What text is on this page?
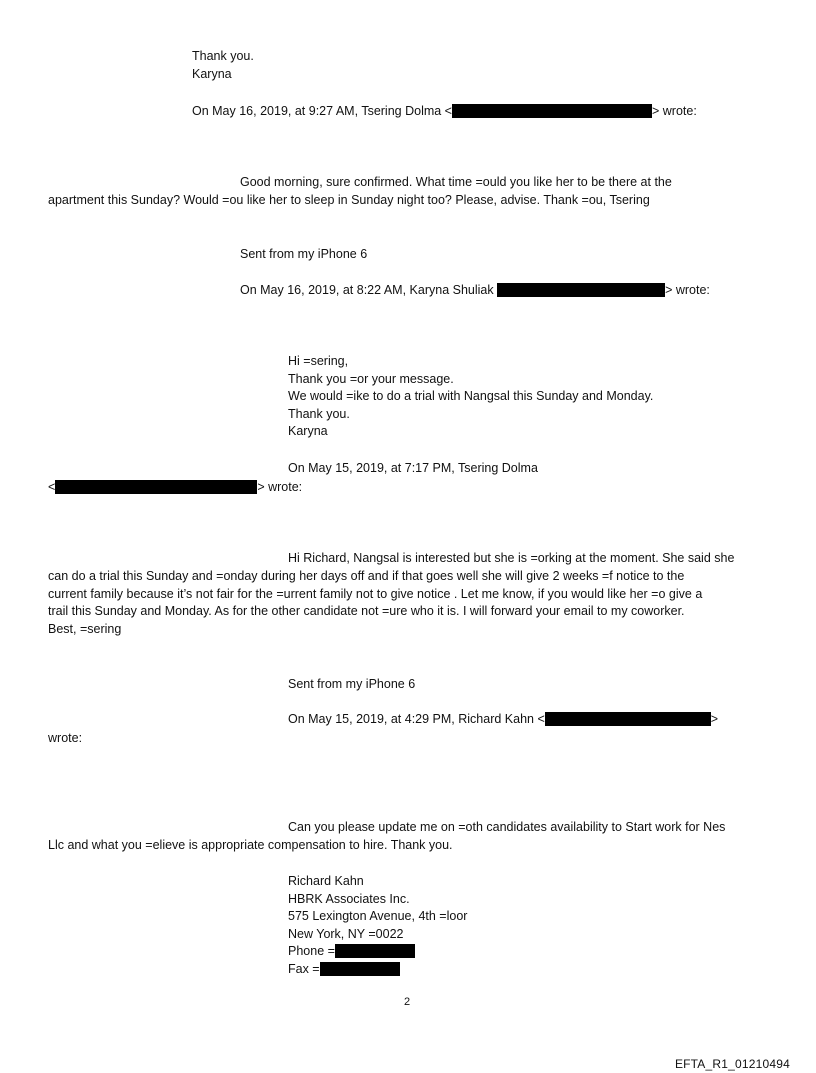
Thank you.
Karyna
On May 16, 2019, at 9:27 AM, Tsering Dolma <	> wrote:
Good morning, sure confirmed. What time =ould you like her to be there at the
apartment this Sunday? Would =ou like her to sleep in Sunday night too? Please, advise. Thank =ou, Tsering
Sent from my iPhone 6
On May 16, 2019, at 8:22 AM, Karyna Shuliak	> wrote:
Hi =sering,
Thank you =or your message.
We would =ike to do a trial with Nangsal this Sunday and Monday.
Thank you.
Karyna
On May 15, 2019, at 7:17 PM, Tsering Dolma
<	> wrote:
Hi Richard, Nangsal is interested but she is =orking at the moment. She said she
can do a trial this Sunday and =onday during her days off and if that goes well she will give 2 weeks =f notice to the
current family because it’s not fair for the =urrent family not to give notice . Let me know, if you would like her =o give a
trail this Sunday and Monday. As for the other candidate not =ure who it is. I will forward your email to my coworker.
Best, =sering
Sent from my iPhone 6
On May 15, 2019, at 4:29 PM, Richard Kahn <	>
wrote:
Can you please update me on =oth candidates availability to Start work for Nes
Llc and what you =elieve is appropriate compensation to hire. Thank you.
Richard Kahn
HBRK Associates Inc.
575 Lexington Avenue, 4th =loor
New York, NY =0022
Phone =
Fax =
2
EFTA_R1_01210494
